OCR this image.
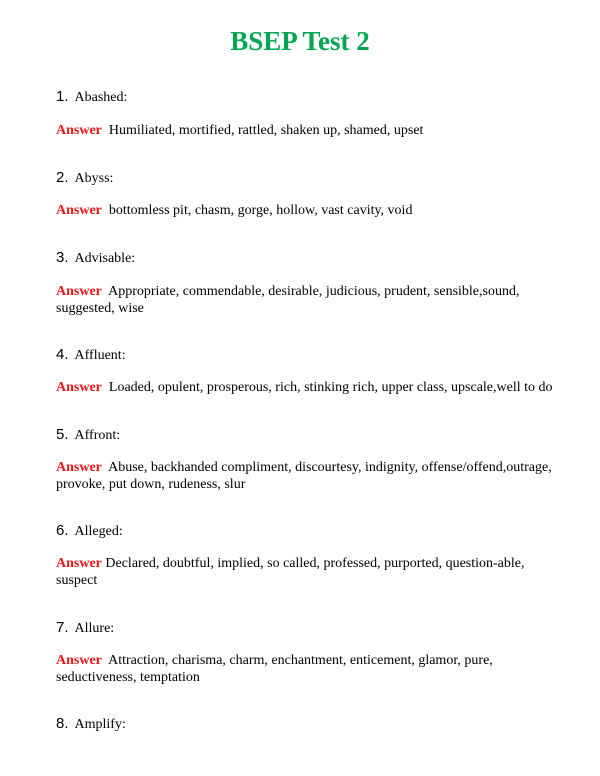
BSEP Test 2
1. Abashed:
Answer Humiliated, mortified, rattled, shaken up, shamed, upset
2. Abyss:
Answer bottomless pit, chasm, gorge, hollow, vast cavity, void
3. Advisable:
Answer Appropriate, commendable, desirable, judicious, prudent, sensible,sound, suggested, wise
4. Affluent:
Answer Loaded, opulent, prosperous, rich, stinking rich, upper class, upscale,well to do
5. Affront:
Answer Abuse, backhanded compliment, discourtesy, indignity, offense/offend,outrage, provoke, put down, rudeness, slur
6. Alleged:
Answer Declared, doubtful, implied, so called, professed, purported, question-able, suspect
7. Allure:
Answer Attraction, charisma, charm, enchantment, enticement, glamor, pure, seductiveness, temptation
8. Amplify:
